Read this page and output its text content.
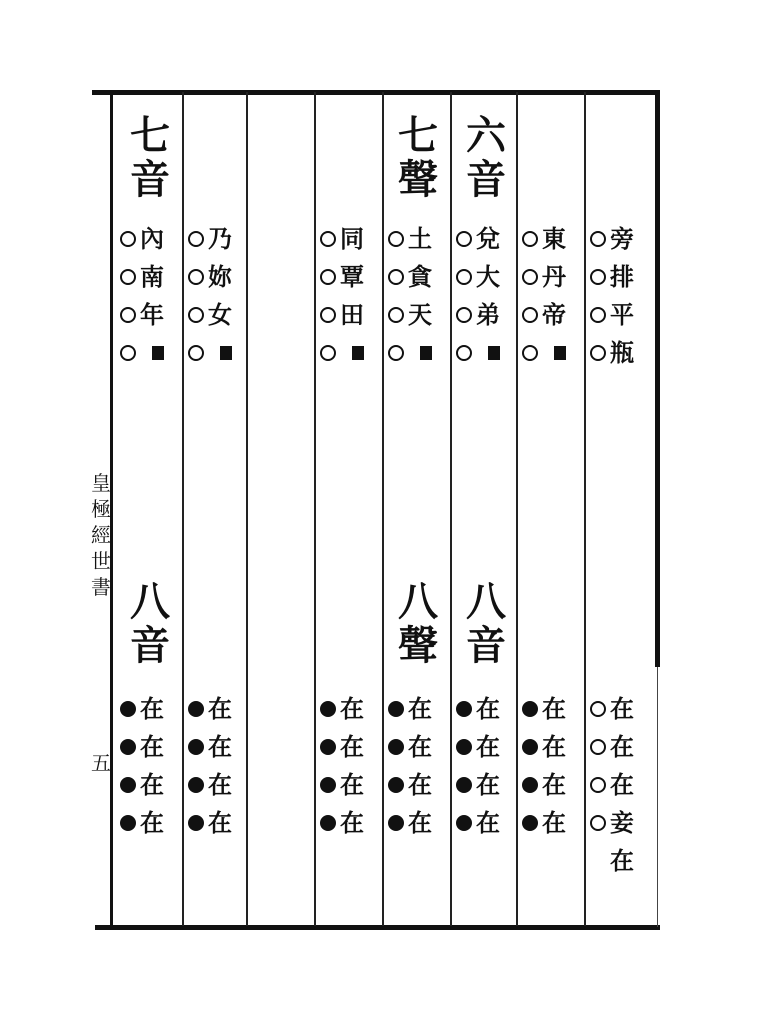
皇
極
經
世
書
五
旁
排
平
瓶
在
在
在
妾
在
東
丹
帝
在
在
在
在
六
音
八
音
兌
大
弟
在
在
在
在
七
聲
八
聲
土
貪
天
在
在
在
在
同
覃
田
在
在
在
在
乃
妳
女
在
在
在
在
七
音
八
音
內
南
年
在
在
在
在
